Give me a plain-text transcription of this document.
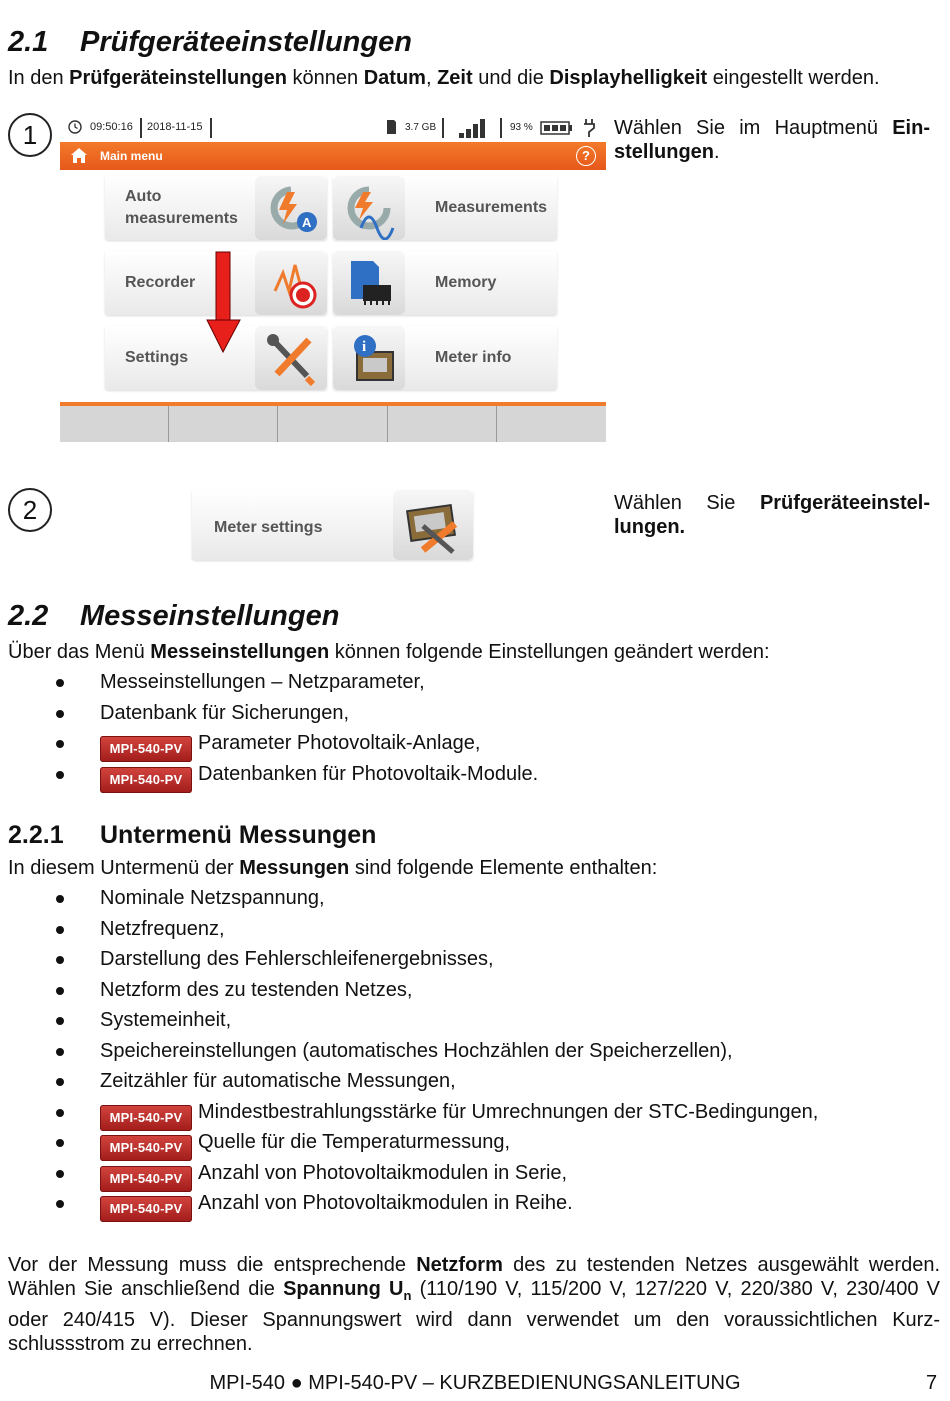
2.1 Prüfgeräteeinstellungen
In den Prüfgeräteinstellungen können Datum, Zeit und die Displayhelligkeit eingestellt werden.
1	09:50:16 2018-11-15	3.7 GB	93 %
Main menu	?
Auto
measurements	A
Measurements
Recorder	Memory
Settings
i
Meter info
Wählen Sie im Hauptmenü Ein-stellungen.
2
Meter settings
Wählen Sie Prüfgeräteeinstel-lungen.
2.2 Messeinstellungen
Über das Menü Messeinstellungen können folgende Einstellungen geändert werden:
Messeinstellungen – Netzparameter,
Datenbank für Sicherungen,
MPI-540-PV Parameter Photovoltaik-Anlage,
MPI-540-PV Datenbanken für Photovoltaik-Module.
2.2.1 Untermenü Messungen
In diesem Untermenü der Messungen sind folgende Elemente enthalten:
Nominale Netzspannung,
Netzfrequenz,
Darstellung des Fehlerschleifenergebnisses,
Netzform des zu testenden Netzes,
Systemeinheit,
Speichereinstellungen (automatisches Hochzählen der Speicherzellen),
Zeitzähler für automatische Messungen,
MPI-540-PV Mindestbestrahlungsstärke für Umrechnungen der STC-Bedingungen,
MPI-540-PV Quelle für die Temperaturmessung,
MPI-540-PV Anzahl von Photovoltaikmodulen in Serie,
MPI-540-PV Anzahl von Photovoltaikmodulen in Reihe.
Vor der Messung muss die entsprechende Netzform des zu testenden Netzes ausgewählt werden. Wählen Sie anschließend die Spannung $U_n$ (110/190 V, 115/200 V, 127/220 V, 220/380 V, 230/400 V oder 240/415 V). Dieser Spannungswert wird dann verwendet um den voraussichtlichen Kurz-schlussstrom zu errechnen.
MPI-540 ● MPI-540-PV – KURZBEDIENUNGSANLEITUNG	7
